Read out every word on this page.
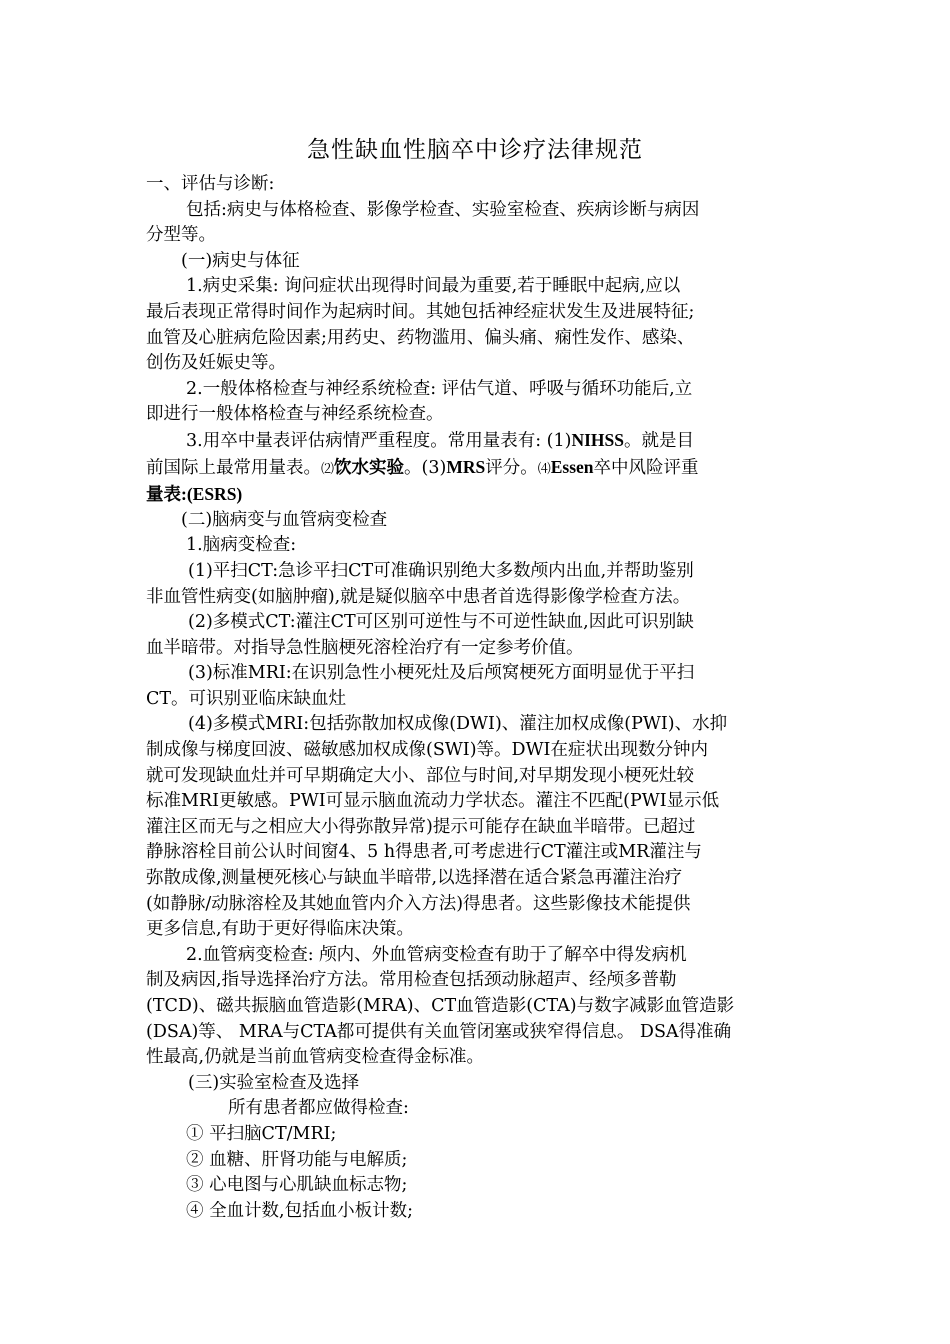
急性缺血性脑卒中诊疗法律规范

一、评估与诊断:

包括:病史与体格检查、影像学检查、实验室检查、疾病诊断与病因

分型等。

(一)病史与体征

1.病史采集: 询问症状出现得时间最为重要,若于睡眠中起病,应以

最后表现正常得时间作为起病时间。其她包括神经症状发生及进展特征;

血管及心脏病危险因素;用药史、药物滥用、偏头痛、痫性发作、感染、

创伤及妊娠史等。

2.一般体格检查与神经系统检查: 评估气道、呼吸与循环功能后,立

即进行一般体格检查与神经系统检查。

3.用卒中量表评估病情严重程度。常用量表有: (1)NIHSS。就是目

前国际上最常用量表。⑵饮水实验。(3)MRS评分。⑷Essen卒中风险评重

量表:(ESRS)

(二)脑病变与血管病变检查

1.脑病变检查:

(1)平扫CT:急诊平扫CT可准确识别绝大多数颅内出血,并帮助鉴别

非血管性病变(如脑肿瘤),就是疑似脑卒中患者首选得影像学检查方法。

(2)多模式CT:灌注CT可区别可逆性与不可逆性缺血,因此可识别缺

血半暗带。对指导急性脑梗死溶栓治疗有一定参考价值。

(3)标准MRI:在识别急性小梗死灶及后颅窝梗死方面明显优于平扫

CT。可识别亚临床缺血灶

(4)多模式MRI:包括弥散加权成像(DWI)、灌注加权成像(PWI)、水抑

制成像与梯度回波、磁敏感加权成像(SWI)等。DWI在症状出现数分钟内

就可发现缺血灶并可早期确定大小、部位与时间,对早期发现小梗死灶较

标准MRI更敏感。PWI可显示脑血流动力学状态。灌注不匹配(PWI显示低

灌注区而无与之相应大小得弥散异常)提示可能存在缺血半暗带。已超过

静脉溶栓目前公认时间窗4、5 h得患者,可考虑进行CT灌注或MR灌注与

弥散成像,测量梗死核心与缺血半暗带,以选择潜在适合紧急再灌注治疗

(如静脉/动脉溶栓及其她血管内介入方法)得患者。这些影像技术能提供

更多信息,有助于更好得临床决策。

2.血管病变检查: 颅内、外血管病变检查有助于了解卒中得发病机

制及病因,指导选择治疗方法。常用检查包括颈动脉超声、经颅多普勒

(TCD)、磁共振脑血管造影(MRA)、CT血管造影(CTA)与数字减影血管造影

(DSA)等、 MRA与CTA都可提供有关血管闭塞或狭窄得信息。 DSA得准确

性最高,仍就是当前血管病变检查得金标准。

(三)实验室检查及选择

所有患者都应做得检查:

① 平扫脑CT/MRI;

② 血糖、肝肾功能与电解质;

③ 心电图与心肌缺血标志物;

④ 全血计数,包括血小板计数;
